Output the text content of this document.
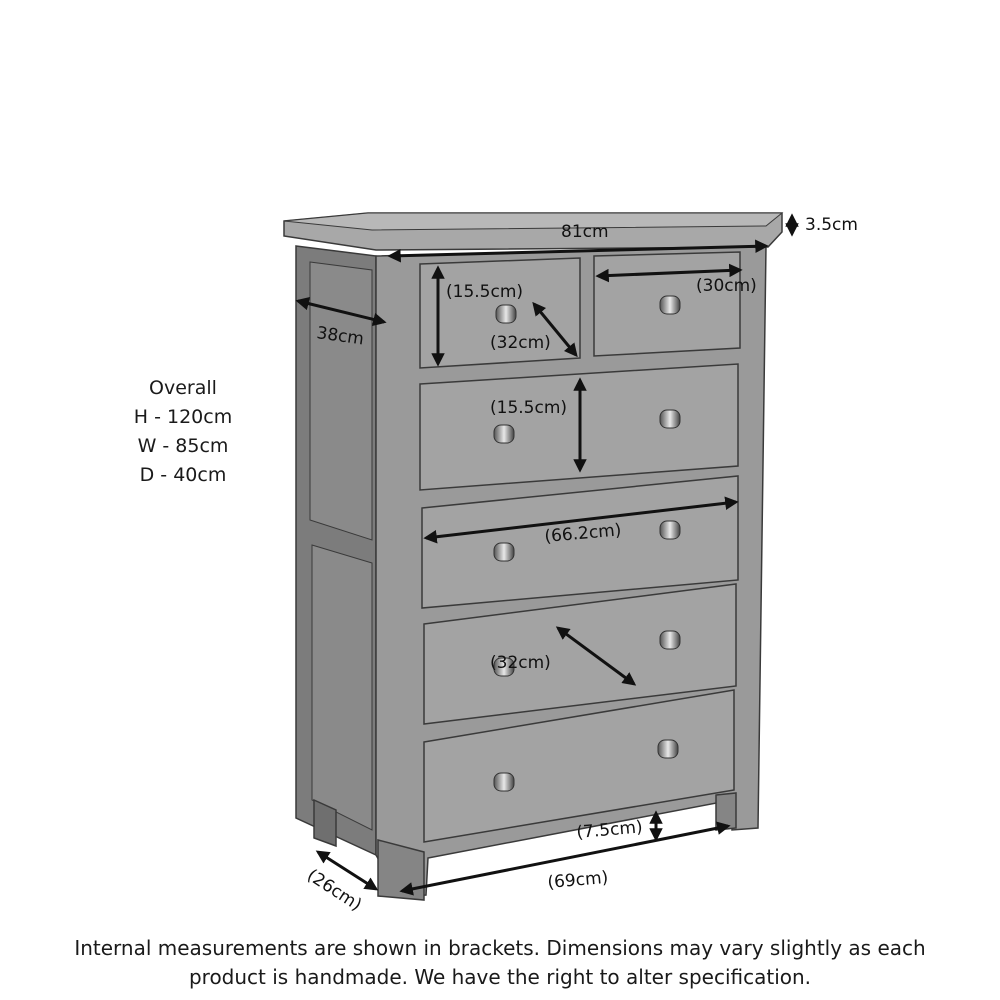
3.5cm
81cm
38cm
(15.5cm)	(30cm)
(32cm)
(15.5cm)
(66.2cm)
(32cm)
(7.5cm)
(69cm)
(26cm)
Overall
H - 120cm
W - 85cm
D - 40cm
Internal measurements are shown in brackets. Dimensions may vary slightly as each
product is handmade. We have the right to alter specification.
